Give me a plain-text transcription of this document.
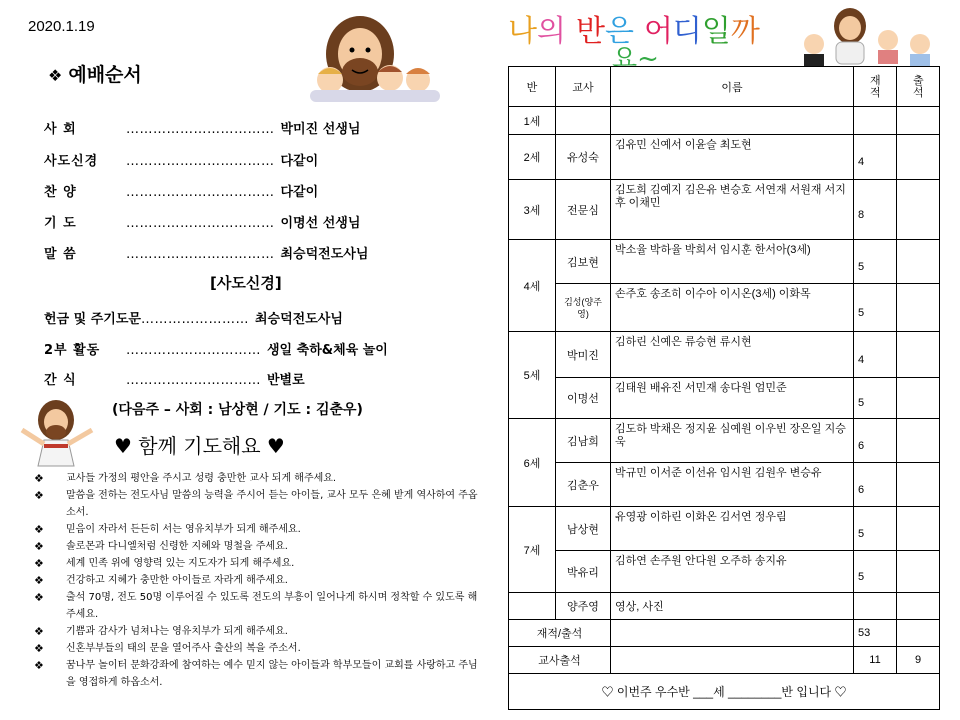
2020.1.19
❖ 예배순서
사 회	…………………………… 박미진 선생님
사도신경 …………………………… 다같이
찬 양	…………………………… 다같이
기 도	…………………………… 이명선 선생님
말 씀	…………………………… 최승덕전도사님
[사도신경]
헌금 및 주기도문…………………… 최승덕전도사님
2부 활동 ………………………… 생일 축하&체육 놀이
간 식	………………………… 반별로
(다음주 – 사회 : 남상현 / 기도 : 김춘우)
♥ 함께 기도해요 ♥
❖ 교사들 가정의 평안을 주시고 성령 충만한 교사 되게 해주세요.
❖ 말씀을 전하는 전도사님 말씀의 능력을 주시어 듣는 아이들, 교사 모두 은혜 받게 역사하여 주옵소서.
❖ 믿음이 자라서 든든히 서는 영유치부가 되게 해주세요.
❖ 솔로몬과 다니엘처럼 신령한 지혜와 명철을 주세요.
❖ 세계 민족 위에 영향력 있는 지도자가 되게 해주세요.
❖ 건강하고 지혜가 충만한 아이들로 자라게 해주세요.
❖ 출석 70명, 전도 50명 이루어질 수 있도록 전도의 부흥이 일어나게 하시며 정착할 수 있도록 해주세요.
❖ 기쁨과 감사가 넘쳐나는 영유치부가 되게 해주세요.
❖ 신혼부부들의 태의 문을 열어주사 출산의 복을 주소서.
❖ 꿈나무 놀이터 문화강좌에 참여하는 예수 믿지 않는 아이들과 학부모들이 교회를 사랑하고 주님을 영접하게 하옵소서.
나의 반은 어디일까
요~
반	교사	이름	재적	출석
1세				
2세	유성숙	김유민 신예서 이윤슬 최도현	4	
3세	전문심	김도희 김예지 김은유 변승호 서연재 서원재 서지후 이채민	8	
4세	김보현	박소율 박하율 박희서 임시훈 한서아(3세)	5	
	김성(양주영)	손주호 송조히 이수아 이시온(3세) 이화목	5	
5세	박미진	김하린 신예은 류승현 류시현	4	
	이명선	김태원 배유진 서민재 송다원 엄민준	5	
6세	김남희	김도하 박채은 정지윤 심예원 이우빈 장은일 지승욱	6	
	김춘우	박규민 이서준 이선유 임시원 김원우 변승유	6	
7세	남상현	유영광 이하린 이화온 김서연 정우림	5	
	박유리	김하연 손주원 안다원 오주하 송지유	5	
	양주영	영상, 사진		
재적/출석			53	
교사출석			11	9
♡ 이번주 우수반 ___세 ________반 입니다 ♡				
